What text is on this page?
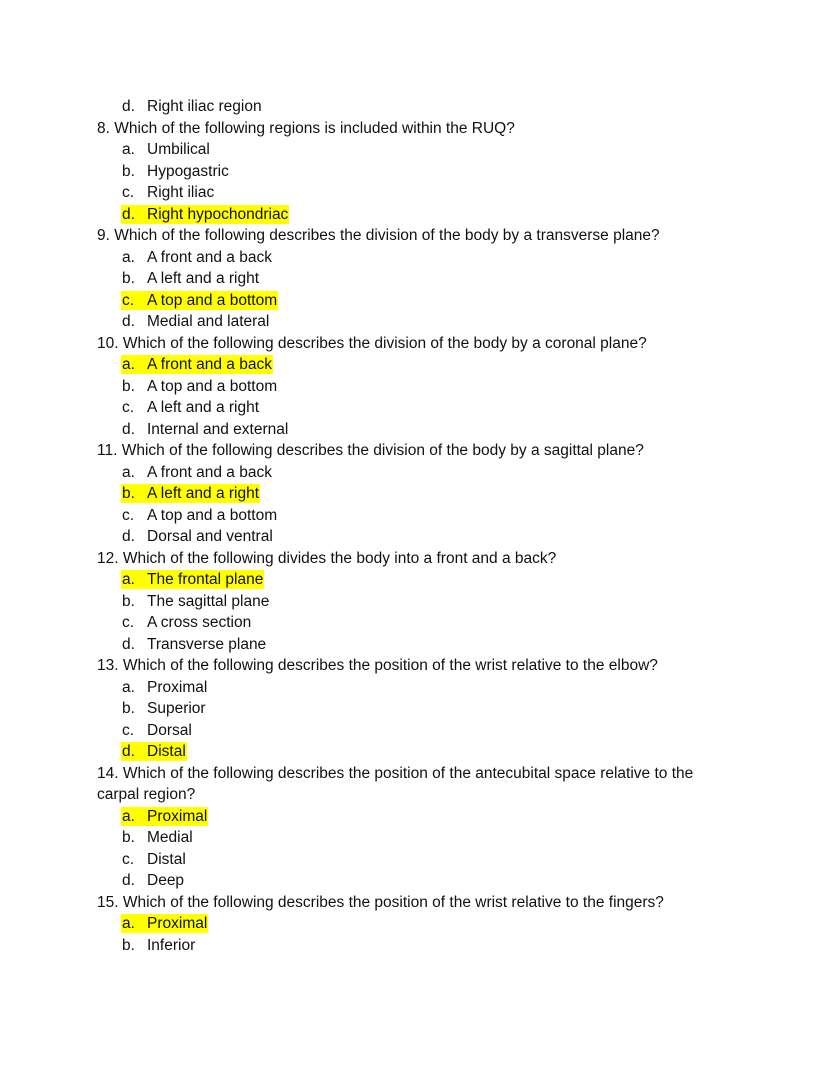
d. Right iliac region

8. Which of the following regions is included within the RUQ?

a. Umbilical

b. Hypogastric

c. Right iliac

d. Right hypochondriac

9. Which of the following describes the division of the body by a transverse plane?

a. A front and a back

b. A left and a right

c. A top and a bottom

d. Medial and lateral

10. Which of the following describes the division of the body by a coronal plane?

a. A front and a back

b. A top and a bottom

c. A left and a right

d. Internal and external

11. Which of the following describes the division of the body by a sagittal plane?

a. A front and a back

b. A left and a right

c. A top and a bottom

d. Dorsal and ventral

12. Which of the following divides the body into a front and a back?

a. The frontal plane

b. The sagittal plane

c. A cross section

d. Transverse plane

13. Which of the following describes the position of the wrist relative to the elbow?

a. Proximal

b. Superior

c. Dorsal

d. Distal

14. Which of the following describes the position of the antecubital space relative to the carpal region?

a. Proximal

b. Medial

c. Distal

d. Deep

15. Which of the following describes the position of the wrist relative to the fingers?

a. Proximal

b. Inferior
